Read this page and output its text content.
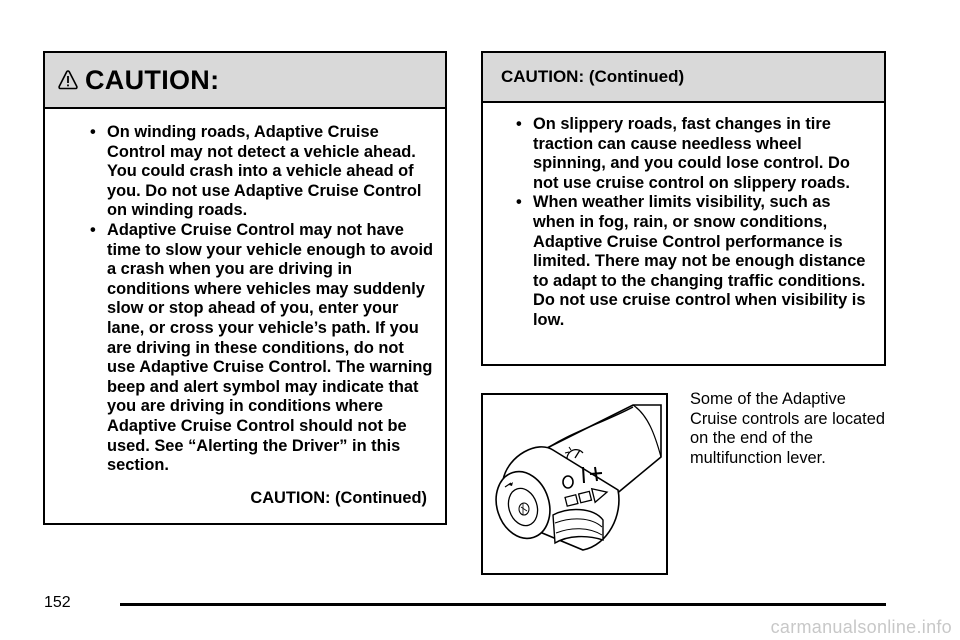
CAUTION:
• On winding roads, Adaptive Cruise Control may not detect a vehicle ahead. You could crash into a vehicle ahead of you. Do not use Adaptive Cruise Control on winding roads.
• Adaptive Cruise Control may not have time to slow your vehicle enough to avoid a crash when you are driving in conditions where vehicles may suddenly slow or stop ahead of you, enter your lane, or cross your vehicle’s path. If you are driving in these conditions, do not use Adaptive Cruise Control. The warning beep and alert symbol may indicate that you are driving in conditions where Adaptive Cruise Control should not be used. See “Alerting the Driver” in this section.
CAUTION: (Continued)
CAUTION: (Continued)
• On slippery roads, fast changes in tire traction can cause needless wheel spinning, and you could lose control. Do not use cruise control on slippery roads.
• When weather limits visibility, such as when in fog, rain, or snow conditions, Adaptive Cruise Control performance is limited. There may not be enough distance to adapt to the changing traffic conditions. Do not use cruise control when visibility is low.
Some of the Adaptive Cruise controls are located on the end of the multifunction lever.
152
carmanualsonline.info
